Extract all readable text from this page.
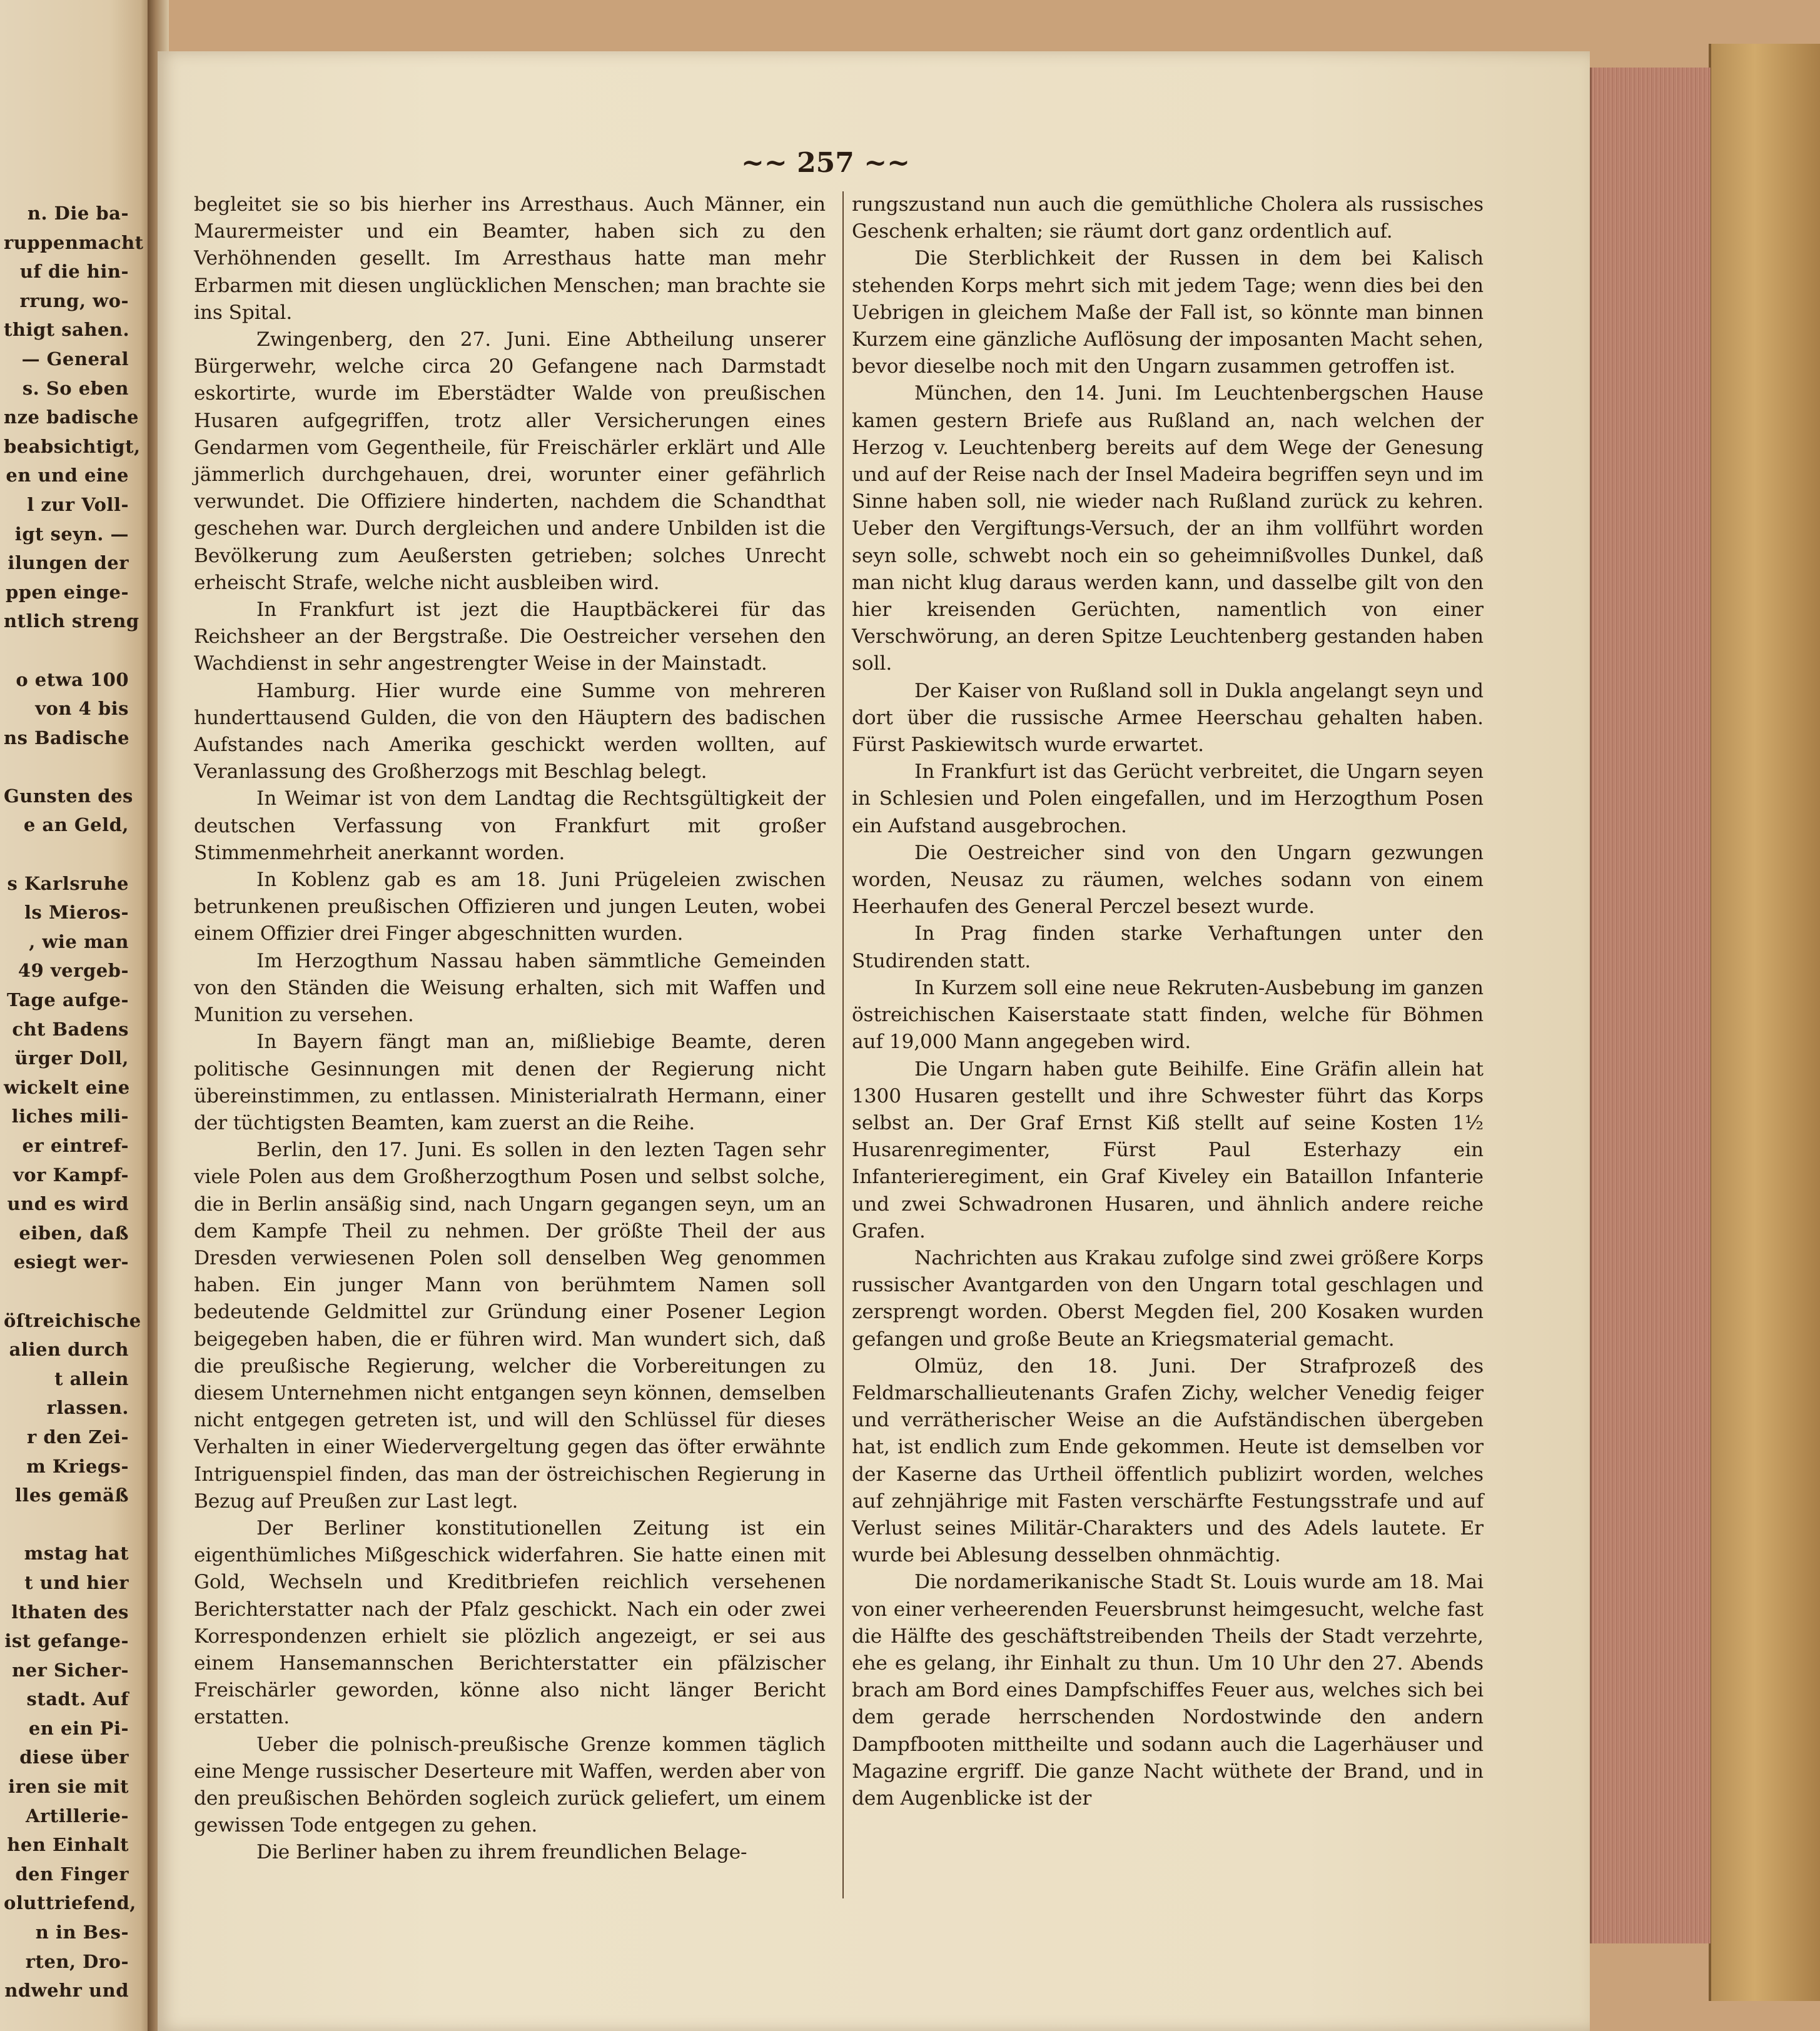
n. Die ba-
ruppenmacht
uf die hin-
rrung, wo-
thigt sahen.
— General
s. So eben
nze badische
beabsichtigt,
en und eine
l zur Voll-
igt seyn. —
ilungen der
ppen einge-
ntlich streng
o etwa 100
von 4 bis
ns Badische
Gunsten des
e an Geld,
s Karlsruhe
ls Mieros-
, wie man
49 vergeb-
Tage aufge-
cht Badens
ürger Doll,
wickelt eine
liches mili-
er eintref-
vor Kampf-
und es wird
eiben, daß
esiegt wer-
öſtreichische
alien durch
t allein
rlassen.
r den Zei-
m Kriegs-
lles gemäß
mstag hat
t und hier
lthaten des
ist gefange-
ner Sicher-
stadt. Auf
en ein Pi-
diese über
iren sie mit
Artillerie-
hen Einhalt
den Finger
oluttriefend,
n in Bes-
rten, Dro-
ndwehr und
~~ 257 ~~

begleitet sie so bis hierher ins Arresthaus. Auch Männer, ein Maurermeister und ein Beamter, haben sich zu den Verhöhnenden gesellt. Im Arresthaus hatte man mehr Erbarmen mit diesen unglücklichen Menschen; man brachte sie ins Spital.

Zwingenberg, den 27. Juni. Eine Abtheilung unserer Bürgerwehr, welche circa 20 Gefangene nach Darmstadt eskortirte, wurde im Eberstädter Walde von preußischen Husaren aufgegriffen, trotz aller Versicherungen eines Gendarmen vom Gegentheile, für Freischärler erklärt und Alle jämmerlich durchgehauen, drei, worunter einer gefährlich verwundet. Die Offiziere hinderten, nachdem die Schandthat geschehen war. Durch dergleichen und andere Unbilden ist die Bevölkerung zum Aeußersten getrieben; solches Unrecht erheischt Strafe, welche nicht ausbleiben wird.

In Frankfurt ist jezt die Hauptbäckerei für das Reichsheer an der Bergstraße. Die Oestreicher versehen den Wachdienst in sehr angestrengter Weise in der Mainstadt.

Hamburg. Hier wurde eine Summe von mehreren hunderttausend Gulden, die von den Häuptern des badischen Aufstandes nach Amerika geschickt werden wollten, auf Veranlassung des Großherzogs mit Beschlag belegt.

In Weimar ist von dem Landtag die Rechtsgültigkeit der deutschen Verfassung von Frankfurt mit großer Stimmenmehrheit anerkannt worden.

In Koblenz gab es am 18. Juni Prügeleien zwischen betrunkenen preußischen Offizieren und jungen Leuten, wobei einem Offizier drei Finger abgeschnitten wurden.

Im Herzogthum Nassau haben sämmtliche Gemeinden von den Ständen die Weisung erhalten, sich mit Waffen und Munition zu versehen.

In Bayern fängt man an, mißliebige Beamte, deren politische Gesinnungen mit denen der Regierung nicht übereinstimmen, zu entlassen. Ministerialrath Hermann, einer der tüchtigsten Beamten, kam zuerst an die Reihe.

Berlin, den 17. Juni. Es sollen in den lezten Tagen sehr viele Polen aus dem Großherzogthum Posen und selbst solche, die in Berlin ansäßig sind, nach Ungarn gegangen seyn, um an dem Kampfe Theil zu nehmen. Der größte Theil der aus Dresden verwiesenen Polen soll denselben Weg genommen haben. Ein junger Mann von berühmtem Namen soll bedeutende Geldmittel zur Gründung einer Posener Legion beigegeben haben, die er führen wird. Man wundert sich, daß die preußische Regierung, welcher die Vorbereitungen zu diesem Unternehmen nicht entgangen seyn können, demselben nicht entgegen getreten ist, und will den Schlüssel für dieses Verhalten in einer Wiedervergeltung gegen das öfter erwähnte Intriguenspiel finden, das man der östreichischen Regierung in Bezug auf Preußen zur Last legt.

Der Berliner konstitutionellen Zeitung ist ein eigenthümliches Mißgeschick widerfahren. Sie hatte einen mit Gold, Wechseln und Kreditbriefen reichlich versehenen Berichterstatter nach der Pfalz geschickt. Nach ein oder zwei Korrespondenzen erhielt sie plözlich angezeigt, er sei aus einem Hansemannschen Berichterstatter ein pfälzischer Freischärler geworden, könne also nicht länger Bericht erstatten.

Ueber die polnisch-preußische Grenze kommen täglich eine Menge russischer Deserteure mit Waffen, werden aber von den preußischen Behörden sogleich zurück geliefert, um einem gewissen Tode entgegen zu gehen.

Die Berliner haben zu ihrem freundlichen Belage-

rungszustand nun auch die gemüthliche Cholera als russisches Geschenk erhalten; sie räumt dort ganz ordentlich auf.

Die Sterblichkeit der Russen in dem bei Kalisch stehenden Korps mehrt sich mit jedem Tage; wenn dies bei den Uebrigen in gleichem Maße der Fall ist, so könnte man binnen Kurzem eine gänzliche Auflösung der imposanten Macht sehen, bevor dieselbe noch mit den Ungarn zusammen getroffen ist.

München, den 14. Juni. Im Leuchtenbergschen Hause kamen gestern Briefe aus Rußland an, nach welchen der Herzog v. Leuchtenberg bereits auf dem Wege der Genesung und auf der Reise nach der Insel Madeira begriffen seyn und im Sinne haben soll, nie wieder nach Rußland zurück zu kehren. Ueber den Vergiftungs-Versuch, der an ihm vollführt worden seyn solle, schwebt noch ein so geheimnißvolles Dunkel, daß man nicht klug daraus werden kann, und dasselbe gilt von den hier kreisenden Gerüchten, namentlich von einer Verschwörung, an deren Spitze Leuchtenberg gestanden haben soll.

Der Kaiser von Rußland soll in Dukla angelangt seyn und dort über die russische Armee Heerschau gehalten haben. Fürst Paskiewitsch wurde erwartet.

In Frankfurt ist das Gerücht verbreitet, die Ungarn seyen in Schlesien und Polen eingefallen, und im Herzogthum Posen ein Aufstand ausgebrochen.

Die Oestreicher sind von den Ungarn gezwungen worden, Neusaz zu räumen, welches sodann von einem Heerhaufen des General Perczel besezt wurde.

In Prag finden starke Verhaftungen unter den Studirenden statt.

In Kurzem soll eine neue Rekruten-Ausbebung im ganzen östreichischen Kaiserstaate statt finden, welche für Böhmen auf 19,000 Mann angegeben wird.

Die Ungarn haben gute Beihilfe. Eine Gräfin allein hat 1300 Husaren gestellt und ihre Schwester führt das Korps selbst an. Der Graf Ernst Kiß stellt auf seine Kosten 1½ Husarenregimenter, Fürst Paul Esterhazy ein Infanterieregiment, ein Graf Kiveley ein Bataillon Infanterie und zwei Schwadronen Husaren, und ähnlich andere reiche Grafen.

Nachrichten aus Krakau zufolge sind zwei größere Korps russischer Avantgarden von den Ungarn total geschlagen und zersprengt worden. Oberst Megden fiel, 200 Kosaken wurden gefangen und große Beute an Kriegsmaterial gemacht.

Olmüz, den 18. Juni. Der Strafprozeß des Feldmarschallieutenants Grafen Zichy, welcher Venedig feiger und verrätherischer Weise an die Aufständischen übergeben hat, ist endlich zum Ende gekommen. Heute ist demselben vor der Kaserne das Urtheil öffentlich publizirt worden, welches auf zehnjährige mit Fasten verschärfte Festungsstrafe und auf Verlust seines Militär-Charakters und des Adels lautete. Er wurde bei Ablesung desselben ohnmächtig.

Die nordamerikanische Stadt St. Louis wurde am 18. Mai von einer verheerenden Feuersbrunst heimgesucht, welche fast die Hälfte des geschäftstreibenden Theils der Stadt verzehrte, ehe es gelang, ihr Einhalt zu thun. Um 10 Uhr den 27. Abends brach am Bord eines Dampfschiffes Feuer aus, welches sich bei dem gerade herrschenden Nordostwinde den andern Dampfbooten mittheilte und sodann auch die Lagerhäuser und Magazine ergriff. Die ganze Nacht wüthete der Brand, und in dem Augenblicke ist der
